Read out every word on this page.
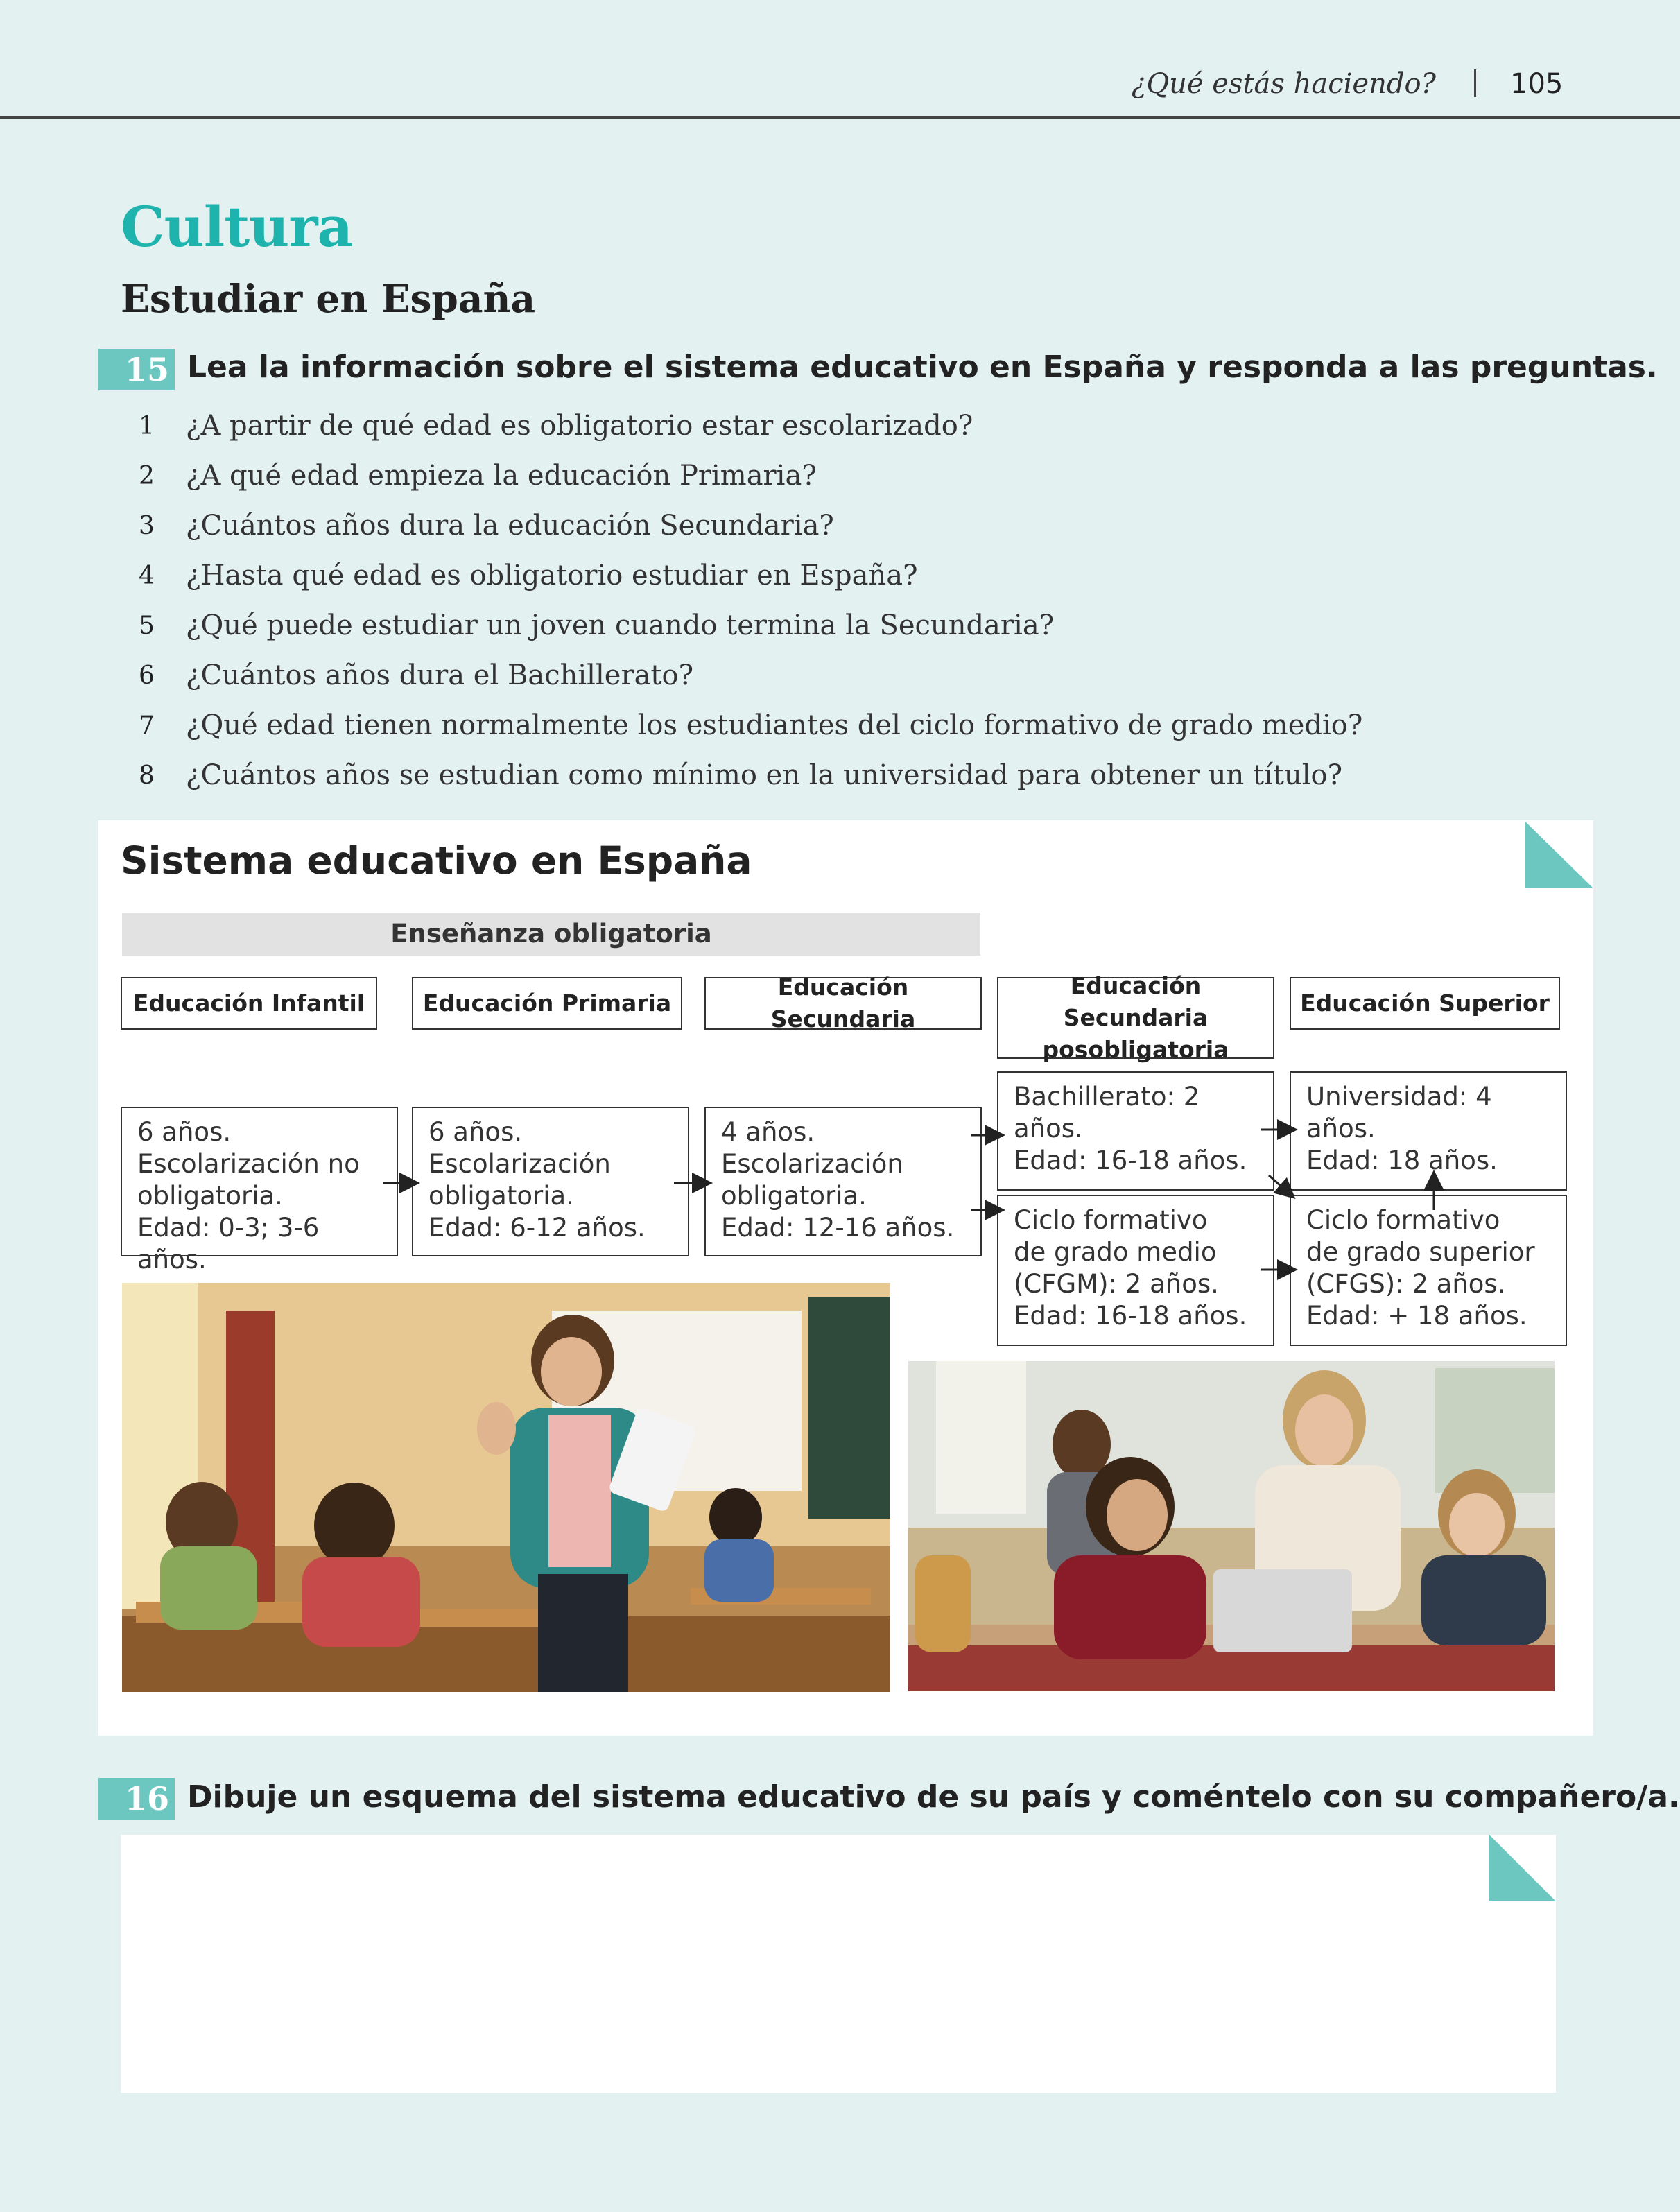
¿Qué estás haciendo?	105
Cultura
Estudiar en España
15 Lea la información sobre el sistema educativo en España y responda a las preguntas.
1	¿A partir de qué edad es obligatorio estar escolarizado?
2	¿A qué edad empieza la educación Primaria?
3	¿Cuántos años dura la educación Secundaria?
4	¿Hasta qué edad es obligatorio estudiar en España?
5	¿Qué puede estudiar un joven cuando termina la Secundaria?
6	¿Cuántos años dura el Bachillerato?
7	¿Qué edad tienen normalmente los estudiantes del ciclo formativo de grado medio?
8	¿Cuántos años se estudian como mínimo en la universidad para obtener un título?
Sistema educativo en España
Enseñanza obligatoria
Educación Infantil	Educación Primaria
Educación Secundaria
Educación Secundaria posobligatoria
Educación Superior
6 años.
Escolarización no obligatoria.
Edad: 0-3; 3-6 años.
6 años.
Escolarización obligatoria.
Edad: 6-12 años.
4 años.
Escolarización obligatoria.
Edad: 12-16 años.
Bachillerato: 2 años.
Edad: 16-18 años.
Ciclo formativo
de grado medio
(CFGM): 2 años.
Edad: 16-18 años.
Universidad: 4 años.
Edad: 18 años.
Ciclo formativo
de grado superior
(CFGS): 2 años.
Edad: + 18 años.
16 Dibuje un esquema del sistema educativo de su país y coméntelo con su compañero/a.
